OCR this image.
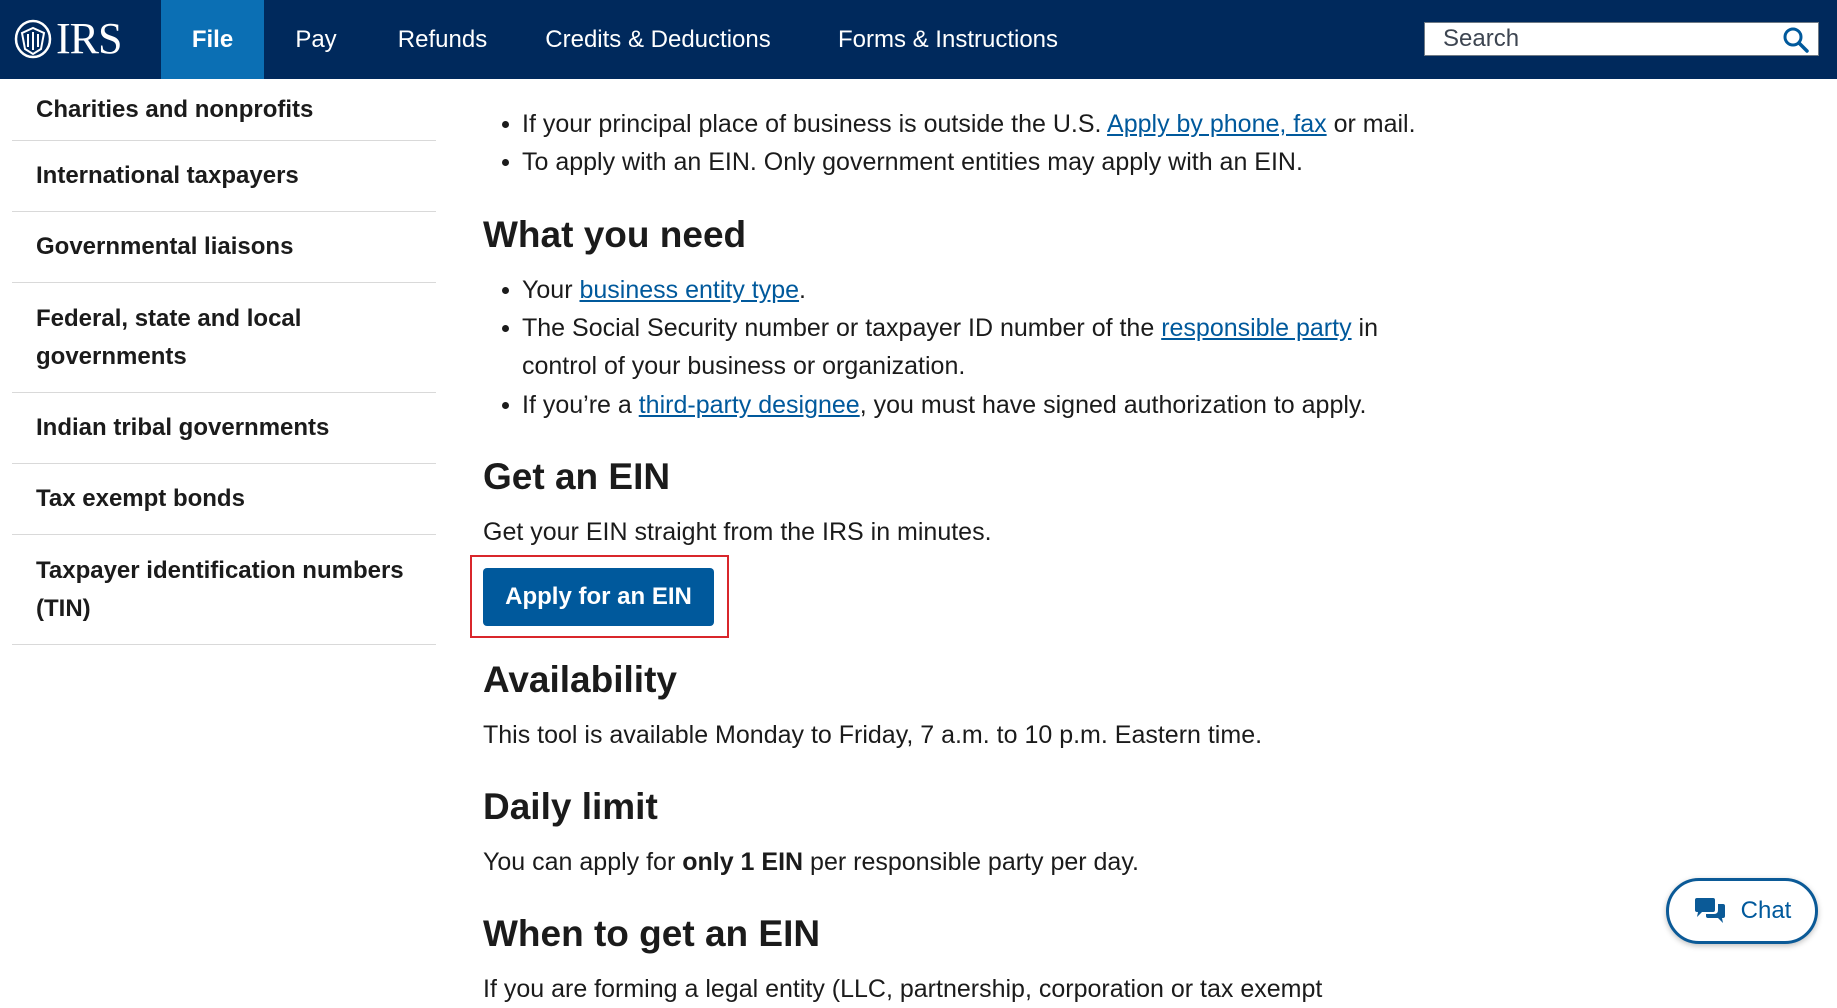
IRS	File	Pay	Refunds	Credits & Deductions	Forms & Instructions
Search
Charities and nonprofits
International taxpayers
Governmental liaisons
Federal, state and local governments
Indian tribal governments
Tax exempt bonds
Taxpayer identification numbers (TIN)
If your principal place of business is outside the U.S. Apply by phone, fax or mail.
To apply with an EIN. Only government entities may apply with an EIN.
What you need
Your business entity type.
The Social Security number or taxpayer ID number of the responsible party in
control of your business or organization.
If you’re a third-party designee, you must have signed authorization to apply.
Get an EIN
Get your EIN straight from the IRS in minutes.
Apply for an EIN
Availability
This tool is available Monday to Friday, 7 a.m. to 10 p.m. Eastern time.
Daily limit
You can apply for only 1 EIN per responsible party per day.
When to get an EIN
If you are forming a legal entity (LLC, partnership, corporation or tax exempt
Chat
